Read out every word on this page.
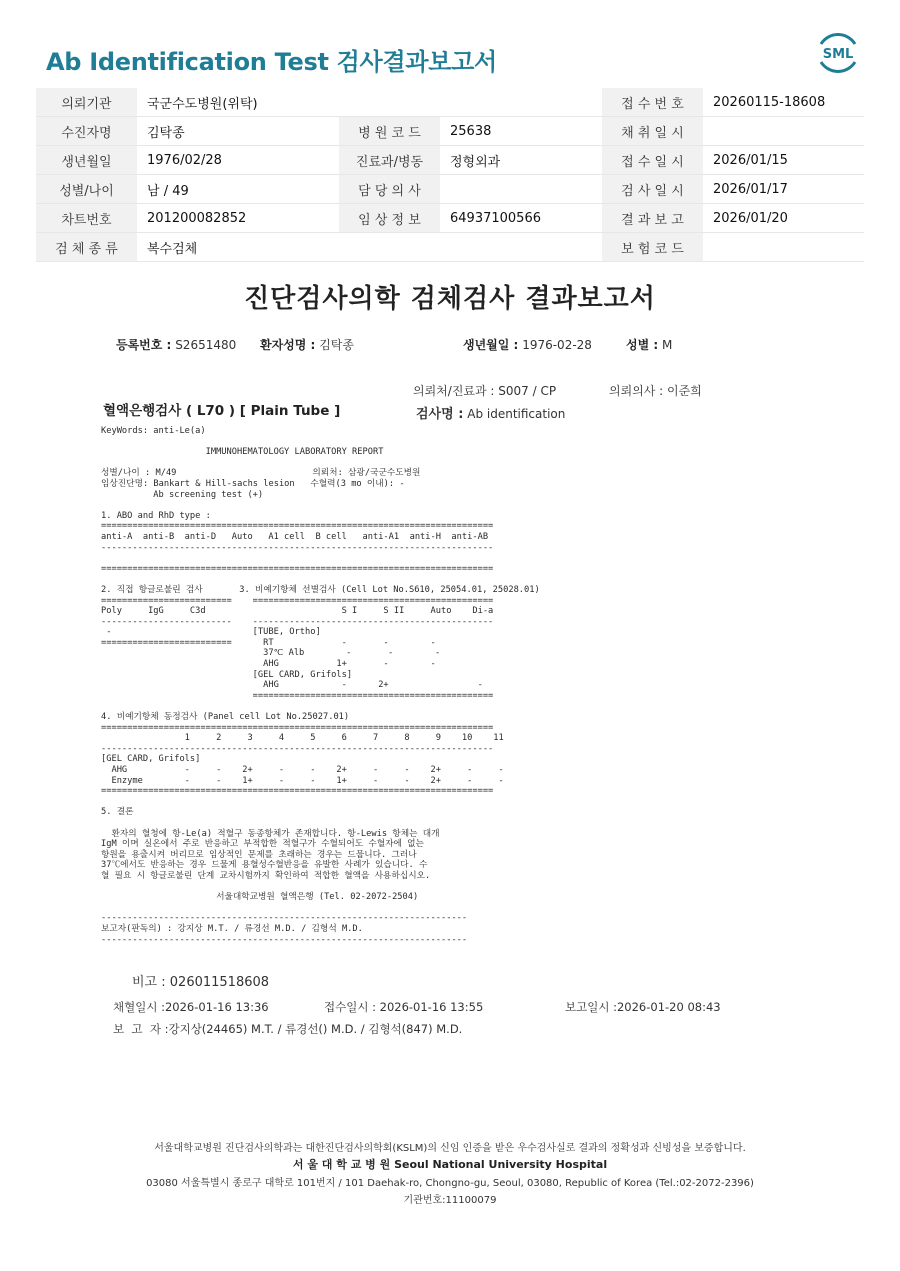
Ab Identification Test 검사결과보고서	SML
의뢰기관	국군수도병원(위탁)			접 수 번 호	20260115-18608
수진자명	김탁종	병 원 코 드	25638	채 취 일 시	
생년월일	1976/02/28	진료과/병동	정형외과	접 수 일 시	2026/01/15
성별/나이	남 / 49	담 당 의 사		검 사 일 시	2026/01/17
차트번호	201200082852	임 상 정 보	64937100566	결 과 보 고	2026/01/20
검 체 종 류	복수검체			보 험 코 드	
진단검사의학 검체검사 결과보고서
등록번호 : S2651480 환자성명 : 김탁종	생년월일 : 1976-02-28	성별 : M
의뢰처/진료과 : S007 / CP	의뢰의사 : 이준희
혈액은행검사 ( L70 ) [ Plain Tube ]	검사명 : Ab identification
KeyWords: anti-Le(a)

IMMUNOHEMATOLOGY LABORATORY REPORT

성별/나이 : M/49                          의뢰처: 삼광/국군수도병원
임상진단명: Bankart & Hill-sachs lesion   수혈력(3 mo 이내): -
Ab screening test (+)

1. ABO and RhD type :
===========================================================================
anti-A  anti-B  anti-D   Auto   A1 cell  B cell   anti-A1  anti-H  anti-AB
---------------------------------------------------------------------------

===========================================================================

2. 직접 항글로불린 검사       3. 비예기항체 선별검사 (Cell Lot No.S610, 25054.01, 25028.01)
=========================    ==============================================
Poly     IgG     C3d                          S I     S II     Auto    Di-a
-------------------------    ----------------------------------------------
-                           [TUBE, Ortho]
=========================      RT             -       -        -
37℃ Alb        -       -        -
AHG           1+       -        -
[GEL CARD, Grifols]
AHG            -      2+                 -
==============================================

4. 비예기항체 동정검사 (Panel cell Lot No.25027.01)
===========================================================================
1     2     3     4     5     6     7     8     9    10    11
---------------------------------------------------------------------------
[GEL CARD, Grifols]
AHG           -     -    2+     -     -    2+     -     -    2+     -     -
Enzyme        -     -    1+     -     -    1+     -     -    2+     -     -
===========================================================================

5. 결론

환자의 혈청에 항-Le(a) 적혈구 동종항체가 존재합니다. 항-Lewis 항체는 대개
IgM 이며 실온에서 주로 반응하고 부적합한 적혈구가 수혈되어도 수혈자에 없는
항원을 용출시켜 버리므로 임상적인 문제를 초래하는 경우는 드뭅니다. 그러나
37℃에서도 반응하는 경우 드물게 용혈성수혈반응을 유발한 사례가 있습니다. 수
혈 필요 시 항글로불린 단계 교차시험까지 확인하여 적합한 혈액을 사용하십시오.

서울대학교병원 혈액은행 (Tel. 02-2072-2504)

----------------------------------------------------------------------
보고자(판독의) : 강지상 M.T. / 류경선 M.D. / 김형석 M.D.
----------------------------------------------------------------------
비고 : 026011518608
채혈일시 :2026-01-16 13:36	접수일시 : 2026-01-16 13:55	보고일시 :2026-01-20 08:43
보  고  자 :강지상(24465) M.T. / 류경선() M.D. / 김형석(847) M.D.
서울대학교병원 진단검사의학과는 대한진단검사의학회(KSLM)의 신임 인증을 받은 우수검사실로 결과의 정확성과 신빙성을 보증합니다.
서 울 대 학 교 병 원 Seoul National University Hospital
03080 서울특별시 종로구 대학로 101번지 / 101 Daehak-ro, Chongno-gu, Seoul, 03080, Republic of Korea (Tel.:02-2072-2396)
기관번호:11100079
